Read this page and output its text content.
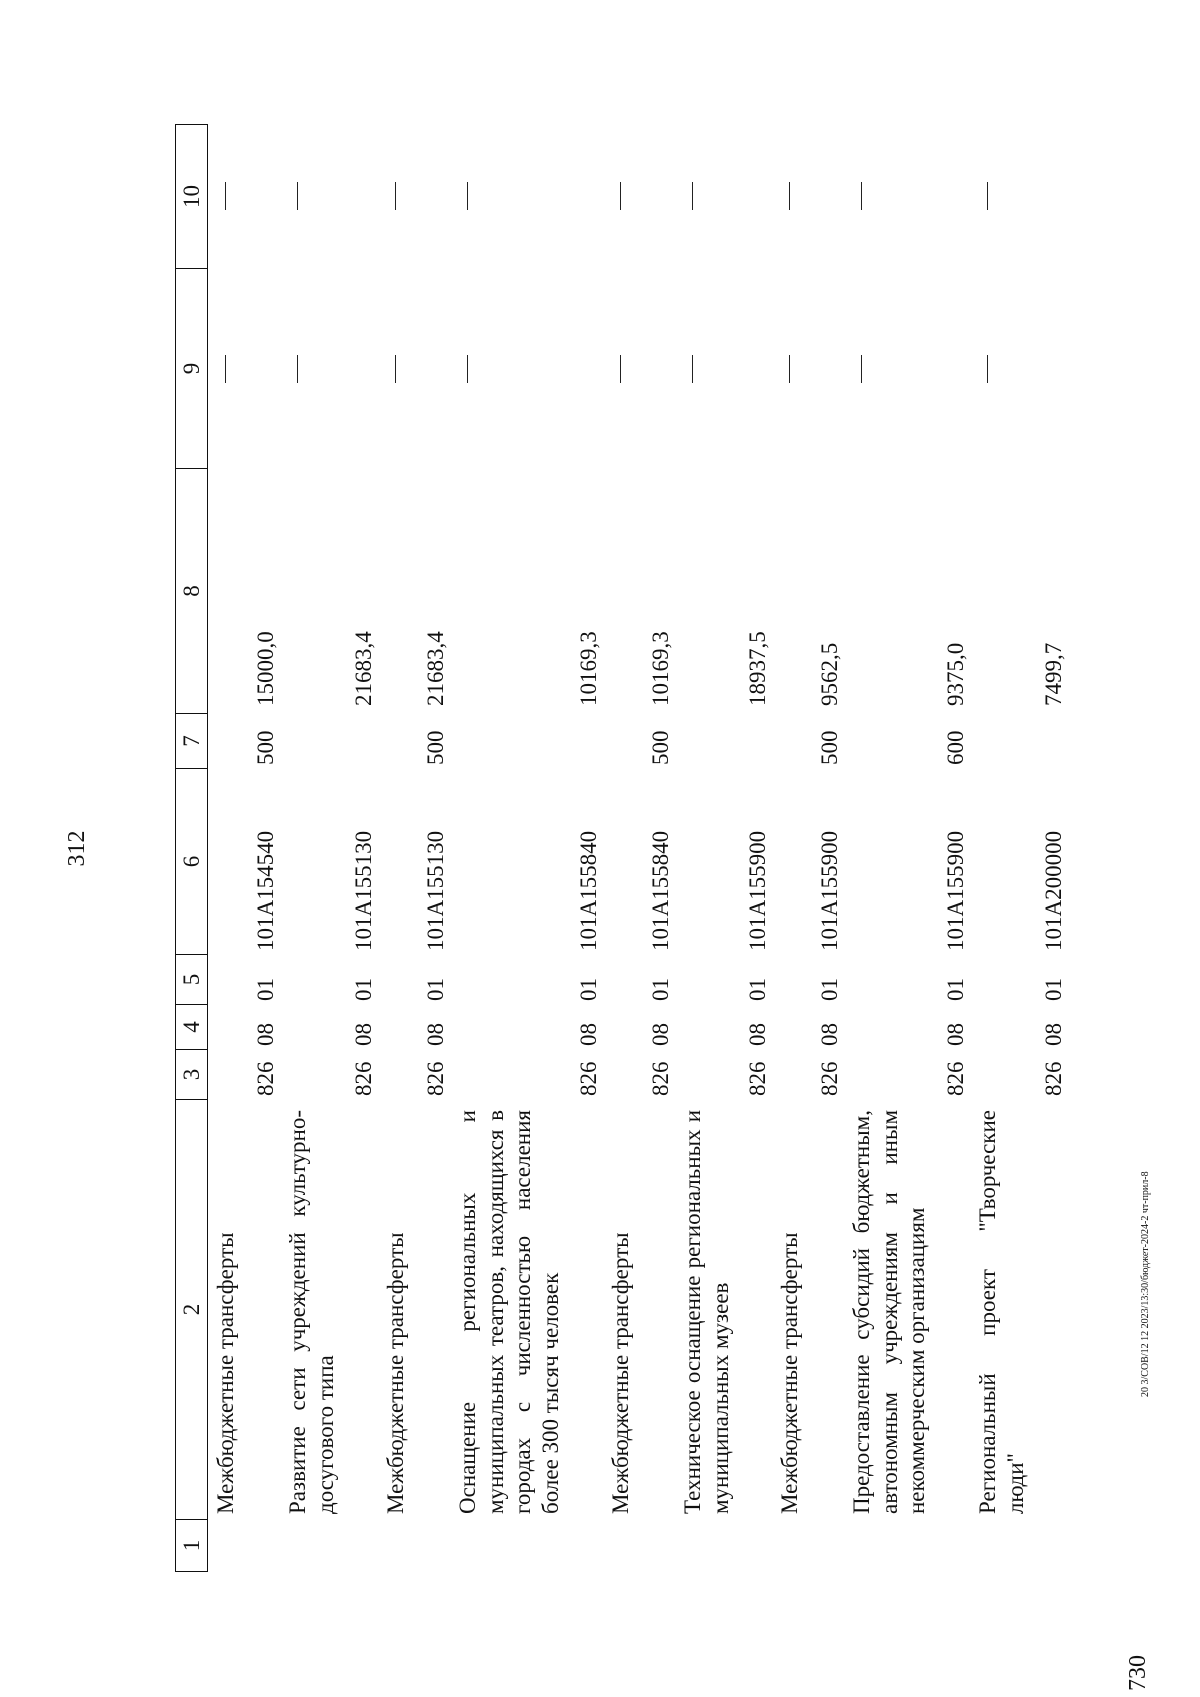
312
1
2
3
4
5
6
7
8
9
10
Межбюджетные трансферты
826
08
01
101A154540
500
15000,0
Развитие сети учреждений культурно-досугового типа
826
08
01
101A155130
21683,4
Межбюджетные трансферты
826
08
01
101A155130
500
21683,4
Оснащение региональных и муниципальных театров, находящихся в городах с численностью населения более 300 тысяч человек
826
08
01
101A155840
10169,3
Межбюджетные трансферты
826
08
01
101A155840
500
10169,3
Техническое оснащение региональных и муниципальных музеев
826
08
01
101A155900
18937,5
Межбюджетные трансферты
826
08
01
101A155900
500
9562,5
Предоставление субсидий бюджетным, автономным учреждениям и иным некоммерческим организациям
826
08
01
101A155900
600
9375,0
Региональный проект "Творческие люди"
826
08
01
101A200000
7499,7
730
20 3/COB/12 12 2023/13:30/бюджет-2024-2 чт-прил-8
